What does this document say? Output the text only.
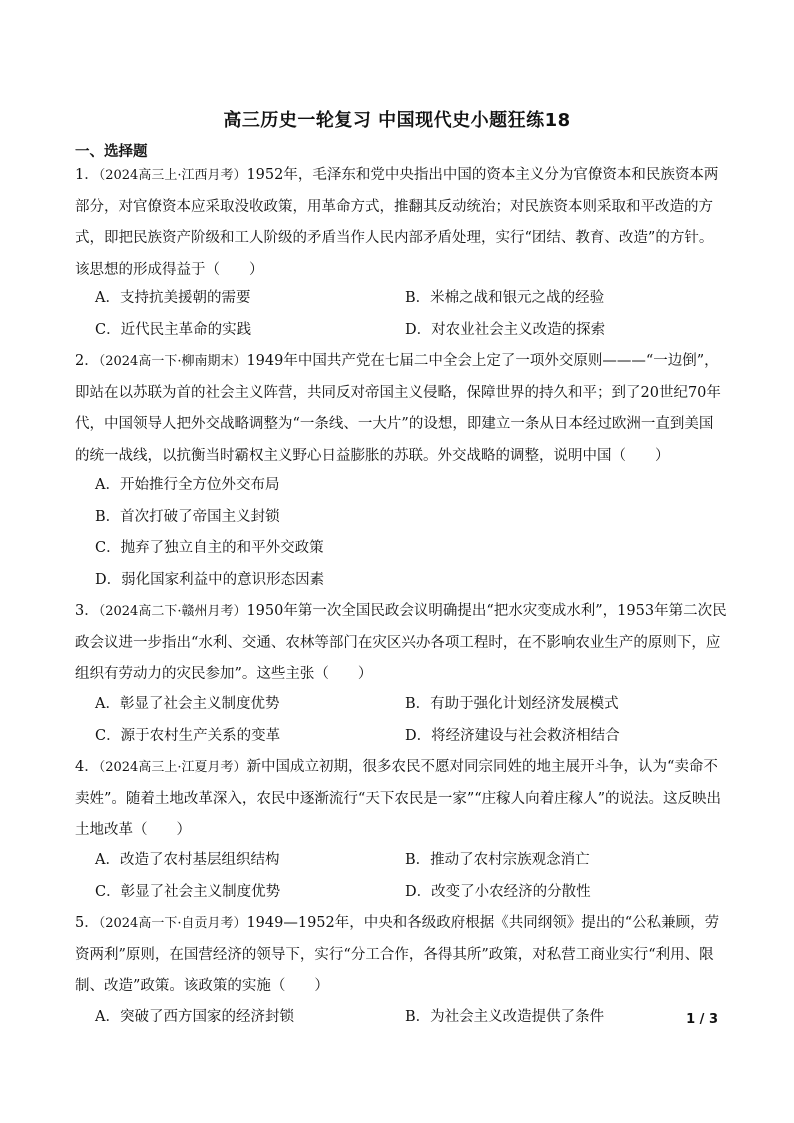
高三历史一轮复习 中国现代史小题狂练18
一、选择题
1．（2024高三上·江西月考）1952年，毛泽东和党中央指出中国的资本主义分为官僚资本和民族资本两部分，对官僚资本应采取没收政策，用革命方式，推翻其反动统治；对民族资本则采取和平改造的方式，即把民族资产阶级和工人阶级的矛盾当作人民内部矛盾处理，实行“团结、教育、改造”的方针。该思想的形成得益于（　　）
A．支持抗美援朝的需要	B．米棉之战和银元之战的经验
C．近代民主革命的实践	D．对农业社会主义改造的探索
2．（2024高一下·柳南期末）1949年中国共产党在七届二中全会上定了一项外交原则———“一边倒”，即站在以苏联为首的社会主义阵营，共同反对帝国主义侵略，保障世界的持久和平；到了20世纪70年代，中国领导人把外交战略调整为“一条线、一大片”的设想，即建立一条从日本经过欧洲一直到美国的统一战线，以抗衡当时霸权主义野心日益膨胀的苏联。外交战略的调整，说明中国（　　）
A．开始推行全方位外交布局
B．首次打破了帝国主义封锁
C．抛弃了独立自主的和平外交政策
D．弱化国家利益中的意识形态因素
3．（2024高二下·赣州月考）1950年第一次全国民政会议明确提出“把水灾变成水利”，1953年第二次民政会议进一步指出“水利、交通、农林等部门在灾区兴办各项工程时，在不影响农业生产的原则下，应组织有劳动力的灾民参加”。这些主张（　　）
A．彰显了社会主义制度优势	B．有助于强化计划经济发展模式
C．源于农村生产关系的变革	D．将经济建设与社会救济相结合
4．（2024高三上·江夏月考）新中国成立初期，很多农民不愿对同宗同姓的地主展开斗争，认为“卖命不卖姓”。随着土地改革深入，农民中逐渐流行“天下农民是一家”“庄稼人向着庄稼人”的说法。这反映出土地改革（　　）
A．改造了农村基层组织结构	B．推动了农村宗族观念消亡
C．彰显了社会主义制度优势	D．改变了小农经济的分散性
5．（2024高一下·自贡月考）1949—1952年，中央和各级政府根据《共同纲领》提出的“公私兼顾，劳资两利”原则，在国营经济的领导下，实行“分工合作，各得其所”政策，对私营工商业实行“利用、限制、改造”政策。该政策的实施（　　）
A．突破了西方国家的经济封锁	B．为社会主义改造提供了条件	1 / 3
